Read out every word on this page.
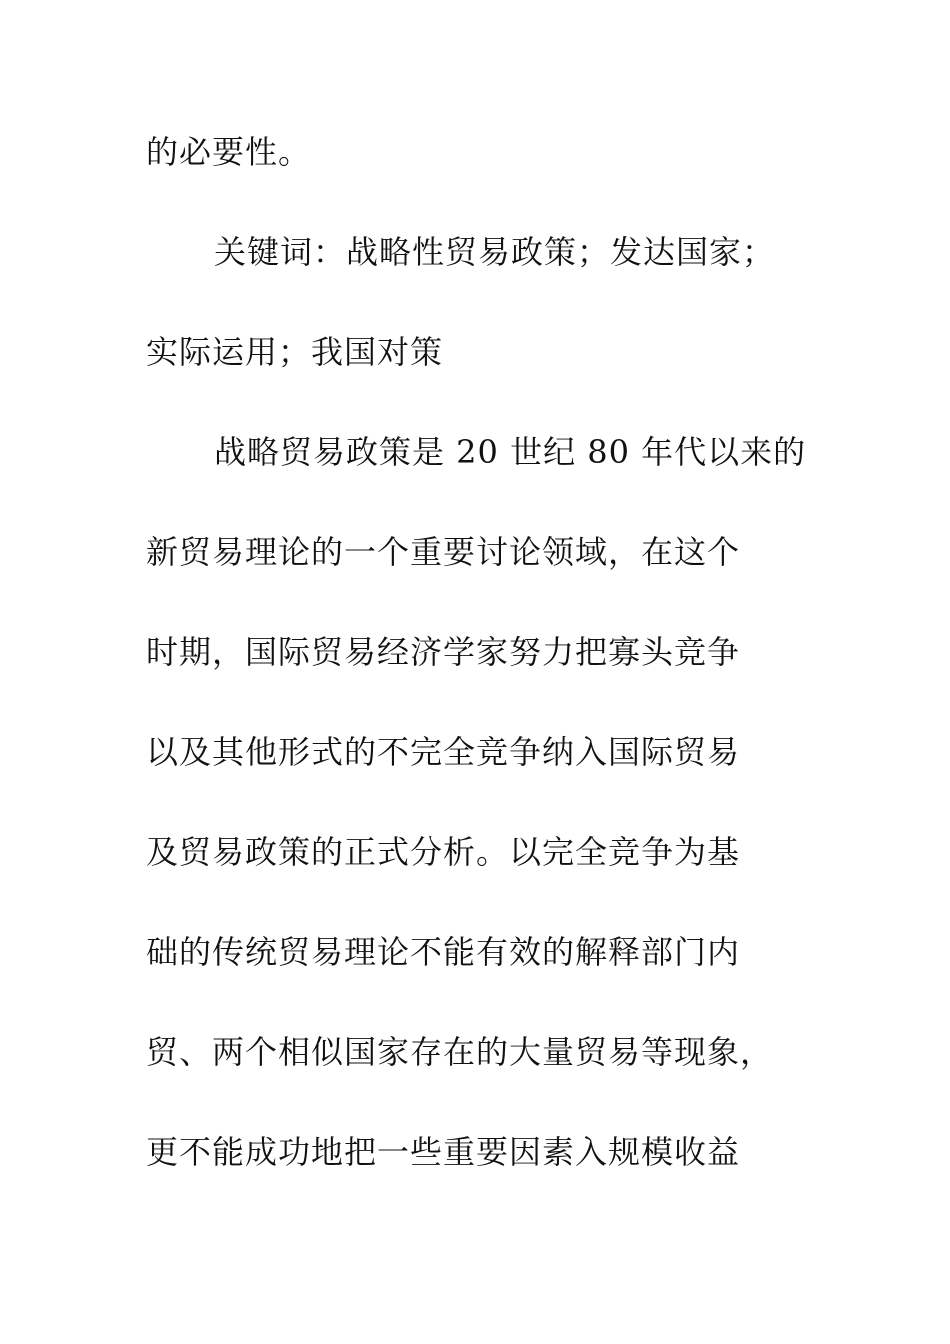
的必要性。
关键词：战略性贸易政策；发达国家；
实际运用；我国对策
战略贸易政策是 20 世纪 80 年代以来的
新贸易理论的一个重要讨论领域，在这个
时期，国际贸易经济学家努力把寡头竞争
以及其他形式的不完全竞争纳入国际贸易
及贸易政策的正式分析。以完全竞争为基
础的传统贸易理论不能有效的解释部门内
贸、两个相似国家存在的大量贸易等现象，
更不能成功地把一些重要因素入规模收益
